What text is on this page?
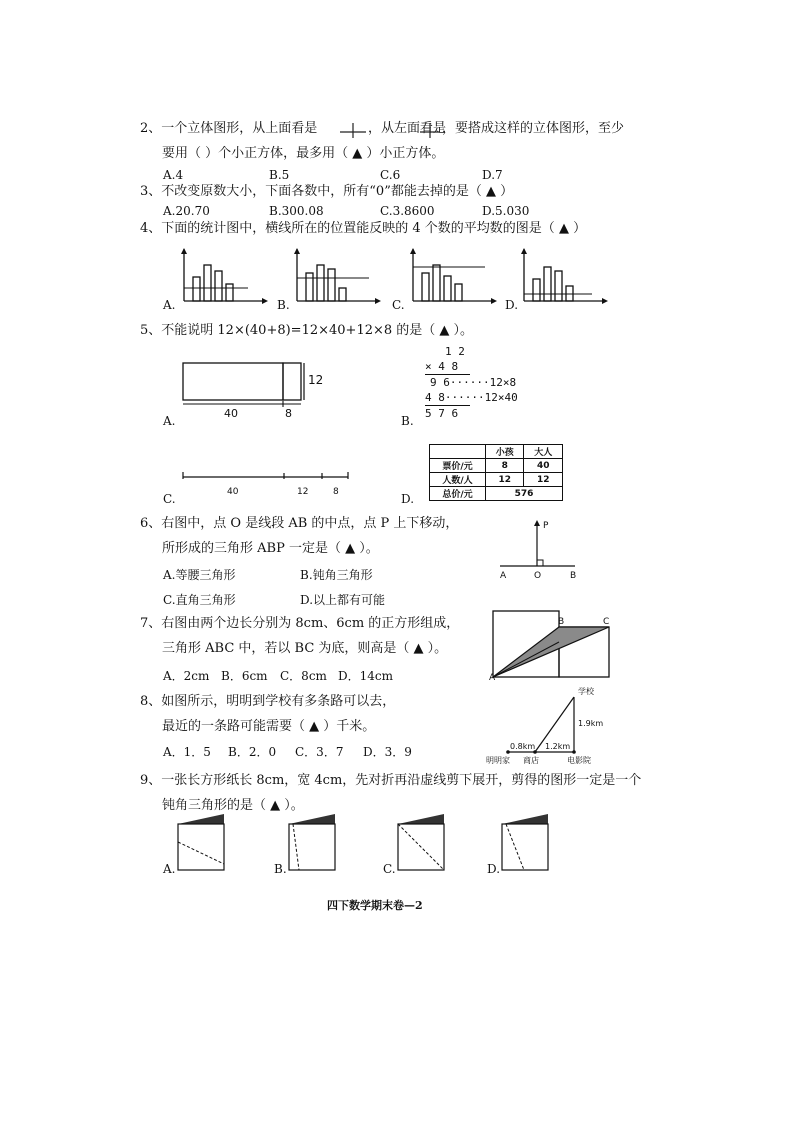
2、一个立体图形，从上面看是	，从左面看是
，要搭成这样的立体图形，至少
要用（ ）个小正方体，最多用（ ▲ ）小正方体。
A.4	B.5	C.6	D.7
3、不改变原数大小，下面各数中，所有“0”都能去掉的是（ ▲ ）
A.20.70	B.300.08	C.3.8600	D.5.030
4、下面的统计图中，横线所在的位置能反映的 4 个数的平均数的图是（ ▲ ）
A.	B.	C.	D.
5、不能说明 12×(40+8)=12×40+12×8 的是（ ▲ ）。
12
40	8
A.
1 2
× 4 8
9 6······12×8
4 8······12×40
5 7 6
B.
40	12	8
C.
	小孩	大人
票价/元	8	40
人数/人	12	12
总价/元	576	
D.
6、右图中，点 O 是线段 AB 的中点，点 P 上下移动，
所形成的三角形 ABP 一定是（ ▲ ）。
A.等腰三角形	B.钝角三角形
C.直角三角形	D.以上都有可能
P
A	O	B
7、右图由两个边长分别为 8cm、6cm 的正方形组成，
三角形 ABC 中，若以 BC 为底，则高是（ ▲ ）。
A．2cm B．6cm C．8cm D．14cm	A
B	C
8、如图所示，明明到学校有多条路可以去，
最近的一条路可能需要（ ▲ ）千米。
A．1．5 B．2．0 C．3．7 D．3．9
学校
1.9km
0.8km 1.2km
明明家 商店	电影院
9、一张长方形纸长 8cm，宽 4cm，先对折再沿虚线剪下展开，剪得的图形一定是一个
钝角三角形的是（ ▲ ）。
A.	B.	C.	D.
四下数学期末卷—2
